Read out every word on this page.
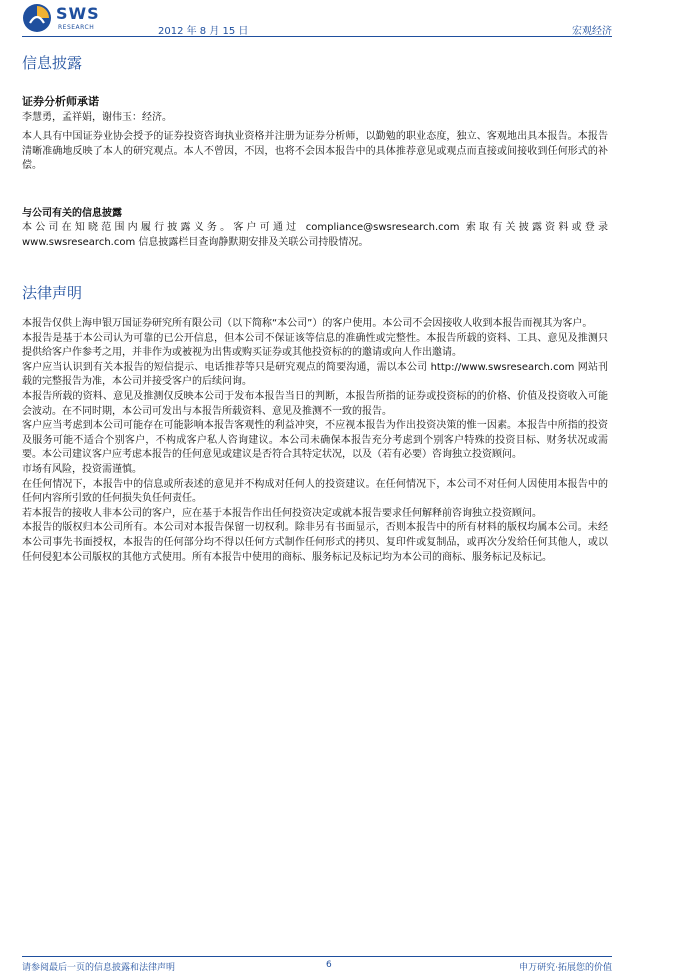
SWS
RESEARCH	2012 年 8 月 15 日	宏观经济
信息披露
证券分析师承诺
李慧勇，孟祥娟，谢伟玉：经济。
本人具有中国证券业协会授予的证券投资咨询执业资格并注册为证券分析师，以勤勉的职业态度，独立、客观地出具本报告。本报告清晰准确地反映了本人的研究观点。本人不曾因，不因，也将不会因本报告中的具体推荐意见或观点而直接或间接收到任何形式的补偿。
与公司有关的信息披露
本公司在知晓范围内履行披露义务。客户可通过 compliance@swsresearch.com 索取有关披露资料或登录 www.swsresearch.com 信息披露栏目查询静默期安排及关联公司持股情况。
法律声明
本报告仅供上海申银万国证券研究所有限公司（以下简称“本公司”）的客户使用。本公司不会因接收人收到本报告而视其为客户。
本报告是基于本公司认为可靠的已公开信息，但本公司不保证该等信息的准确性或完整性。本报告所载的资料、工具、意见及推测只提供给客户作参考之用，并非作为或被视为出售或购买证券或其他投资标的的邀请或向人作出邀请。
客户应当认识到有关本报告的短信提示、电话推荐等只是研究观点的简要沟通，需以本公司 http://www.swsresearch.com 网站刊载的完整报告为准，本公司并接受客户的后续问询。
本报告所载的资料、意见及推测仅反映本公司于发布本报告当日的判断，本报告所指的证券或投资标的的价格、价值及投资收入可能会波动。在不同时期，本公司可发出与本报告所载资料、意见及推测不一致的报告。
客户应当考虑到本公司可能存在可能影响本报告客观性的利益冲突，不应视本报告为作出投资决策的惟一因素。本报告中所指的投资及服务可能不适合个别客户，不构成客户私人咨询建议。本公司未确保本报告充分考虑到个别客户特殊的投资目标、财务状况或需要。本公司建议客户应考虑本报告的任何意见或建议是否符合其特定状况，以及（若有必要）咨询独立投资顾问。
市场有风险，投资需谨慎。
在任何情况下，本报告中的信息或所表述的意见并不构成对任何人的投资建议。在任何情况下，本公司不对任何人因使用本报告中的任何内容所引致的任何损失负任何责任。
若本报告的接收人非本公司的客户，应在基于本报告作出任何投资决定或就本报告要求任何解释前咨询独立投资顾问。
本报告的版权归本公司所有。本公司对本报告保留一切权利。除非另有书面显示，否则本报告中的所有材料的版权均属本公司。未经本公司事先书面授权，本报告的任何部分均不得以任何方式制作任何形式的拷贝、复印件或复制品，或再次分发给任何其他人，或以任何侵犯本公司版权的其他方式使用。所有本报告中使用的商标、服务标记及标记均为本公司的商标、服务标记及标记。
请参阅最后一页的信息披露和法律声明	6	申万研究·拓展您的价值
